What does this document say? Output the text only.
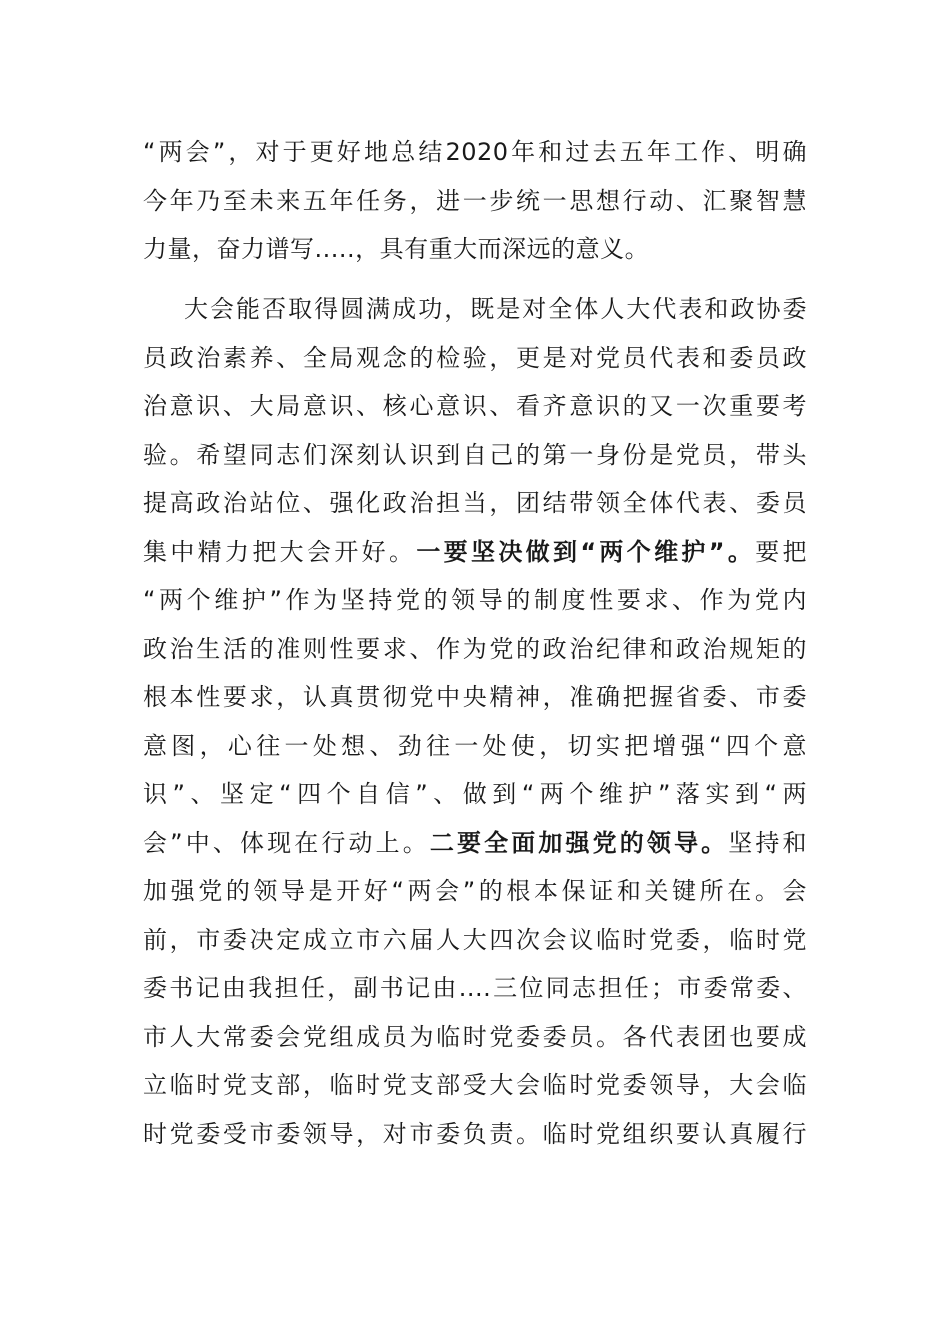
“两会”，对于更好地总结2020年和过去五年工作、明确
今年乃至未来五年任务，进一步统一思想行动、汇聚智慧
力量，奋力谱写.....，具有重大而深远的意义。
大会能否取得圆满成功，既是对全体人大代表和政协委
员政治素养、全局观念的检验，更是对党员代表和委员政
治意识、大局意识、核心意识、看齐意识的又一次重要考
验。希望同志们深刻认识到自己的第一身份是党员，带头
提高政治站位、强化政治担当，团结带领全体代表、委员
集中精力把大会开好。一要坚决做到“两个维护”。要把
“两个维护”作为坚持党的领导的制度性要求、作为党内
政治生活的准则性要求、作为党的政治纪律和政治规矩的
根本性要求，认真贯彻党中央精神，准确把握省委、市委
意图，心往一处想、劲往一处使，切实把增强“四个意
识”、坚定“四个自信”、做到“两个维护”落实到“两
会”中、体现在行动上。二要全面加强党的领导。坚持和
加强党的领导是开好“两会”的根本保证和关键所在。会
前，市委决定成立市六届人大四次会议临时党委，临时党
委书记由我担任，副书记由....三位同志担任；市委常委、
市人大常委会党组成员为临时党委委员。各代表团也要成
立临时党支部，临时党支部受大会临时党委领导，大会临
时党委受市委领导，对市委负责。临时党组织要认真履行
